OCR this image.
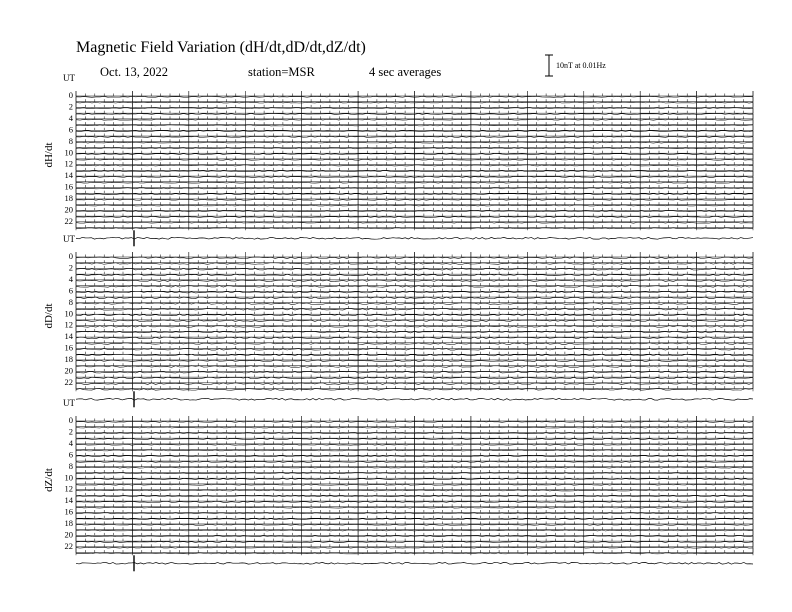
Magnetic Field Variation (dH/dt,dD/dt,dZ/dt)
Oct. 13, 2022	station=MSR	4 sec averages	10nT at 0.01Hz
UT
0
2
4
6
8
10
12
14
16
18
20
22
dH/dt
UT
0
2
4
6
8
10
12
14
16
18
20
22
dD/dt
UT
0
2
4
6
8
10
12
14
16
18
20
22
dZ/dt
